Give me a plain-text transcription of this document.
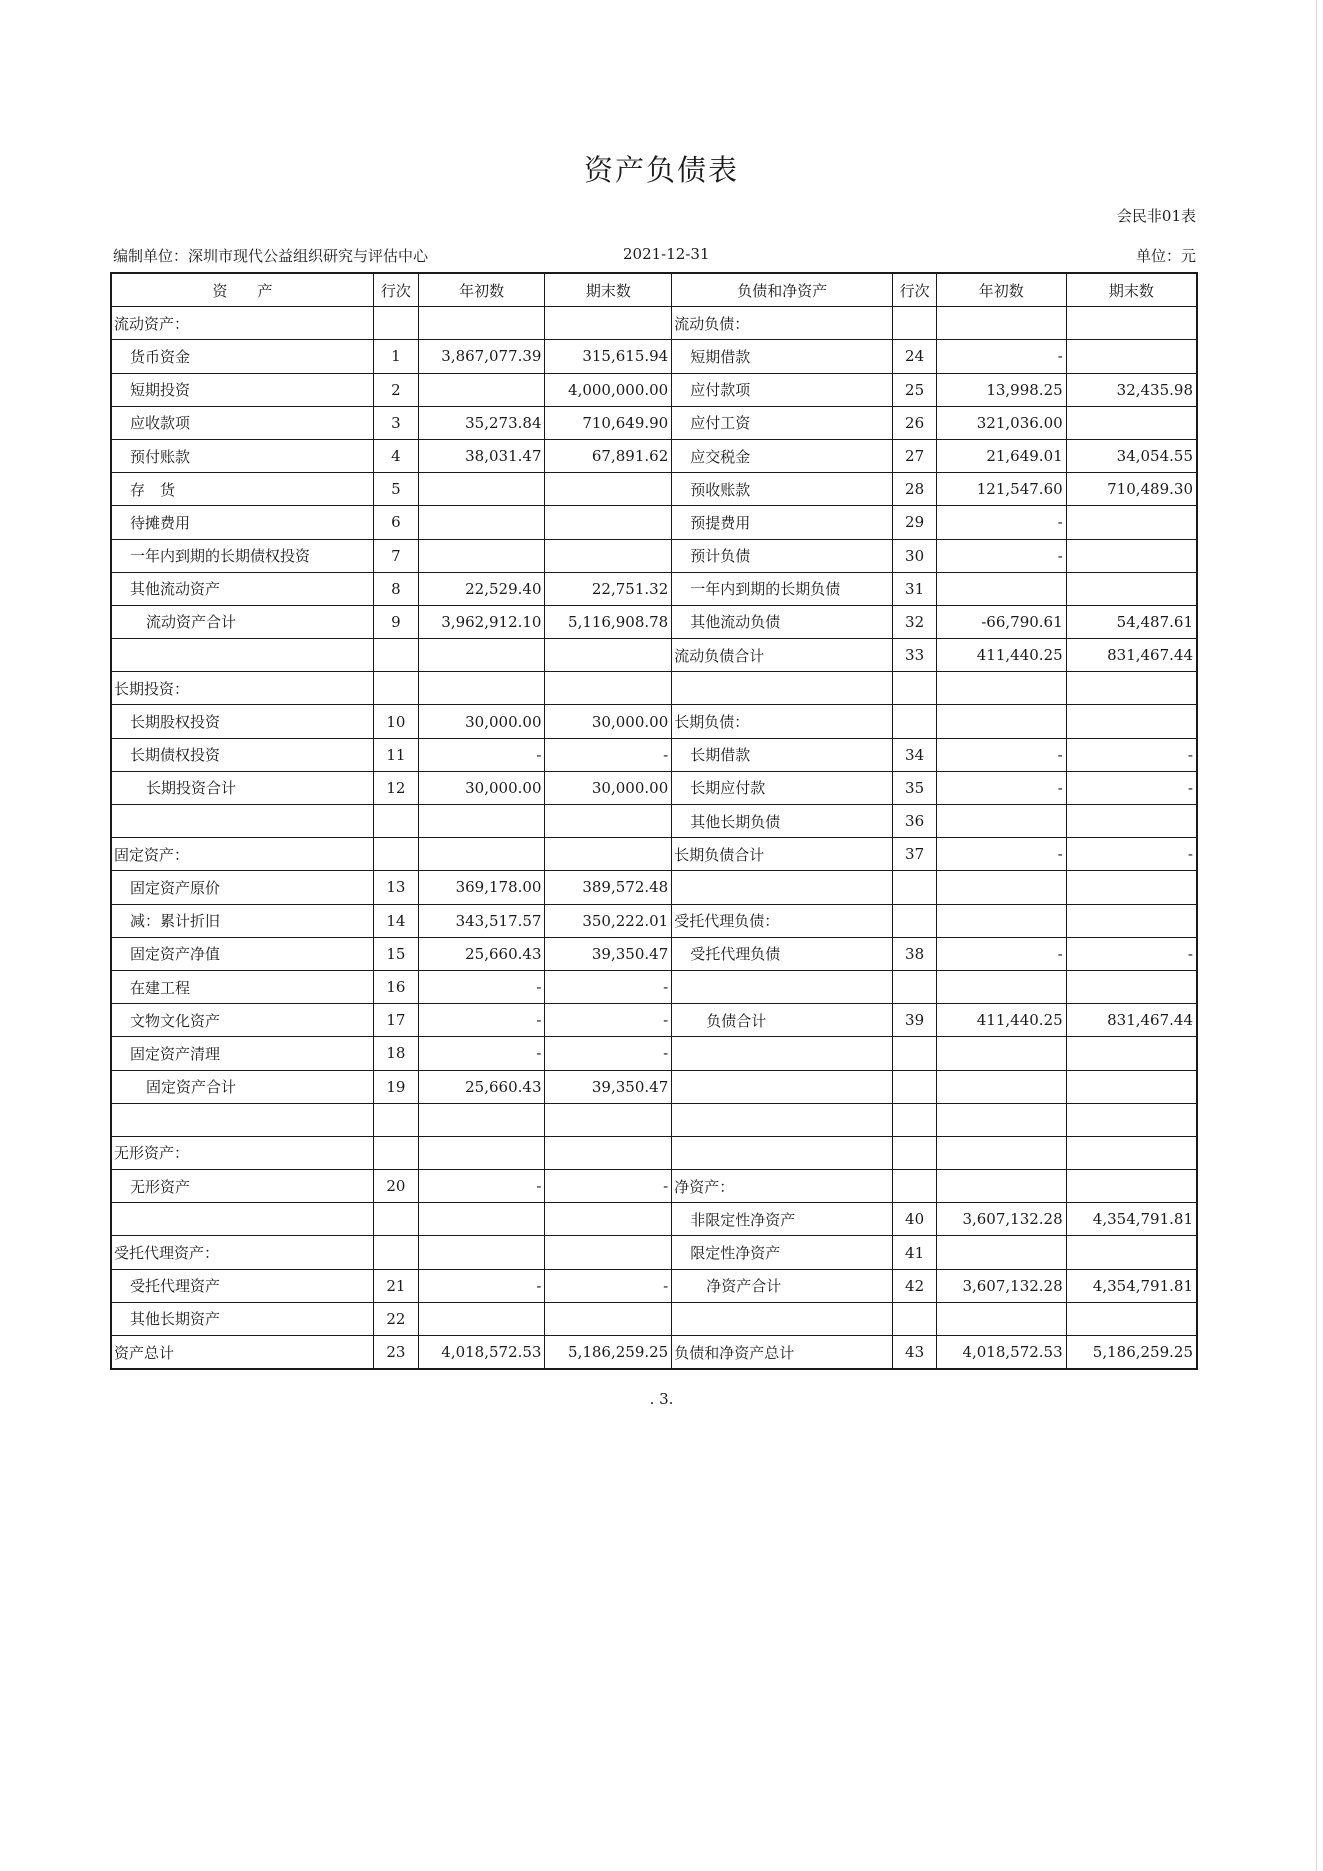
资产负债表
会民非01表
编制单位：深圳市现代公益组织研究与评估中心	2021-12-31	单位：元
资　　产	行次	年初数	期末数	负债和净资产	行次	年初数	期末数
流动资产：				流动负债：			
货币资金	1	3,867,077.39	315,615.94	短期借款	24	-	
短期投资	2		4,000,000.00	应付款项	25	13,998.25	32,435.98
应收款项	3	35,273.84	710,649.90	应付工资	26	321,036.00	
预付账款	4	38,031.47	67,891.62	应交税金	27	21,649.01	34,054.55
存　货	5			预收账款	28	121,547.60	710,489.30
待摊费用	6			预提费用	29	-	
一年内到期的长期债权投资	7			预计负债	30	-	
其他流动资产	8	22,529.40	22,751.32	一年内到期的长期负债	31		
流动资产合计	9	3,962,912.10	5,116,908.78	其他流动负债	32	-66,790.61	54,487.61
				流动负债合计	33	411,440.25	831,467.44
长期投资：							
长期股权投资	10	30,000.00	30,000.00	长期负债：			
长期债权投资	11	-	-	长期借款	34	-	-
长期投资合计	12	30,000.00	30,000.00	长期应付款	35	-	-
				其他长期负债	36		
固定资产：				长期负债合计	37	-	-
固定资产原价	13	369,178.00	389,572.48				
减：累计折旧	14	343,517.57	350,222.01	受托代理负债：			
固定资产净值	15	25,660.43	39,350.47	受托代理负债	38	-	-
在建工程	16	-	-				
文物文化资产	17	-	-	负债合计	39	411,440.25	831,467.44
固定资产清理	18	-	-				
固定资产合计	19	25,660.43	39,350.47				

无形资产：							
无形资产	20	-	-	净资产：			
				非限定性净资产	40	3,607,132.28	4,354,791.81
受托代理资产：				限定性净资产	41		
受托代理资产	21	-	-	净资产合计	42	3,607,132.28	4,354,791.81
其他长期资产	22						
资产总计	23	4,018,572.53	5,186,259.25	负债和净资产总计	43	4,018,572.53	5,186,259.25
. 3.
